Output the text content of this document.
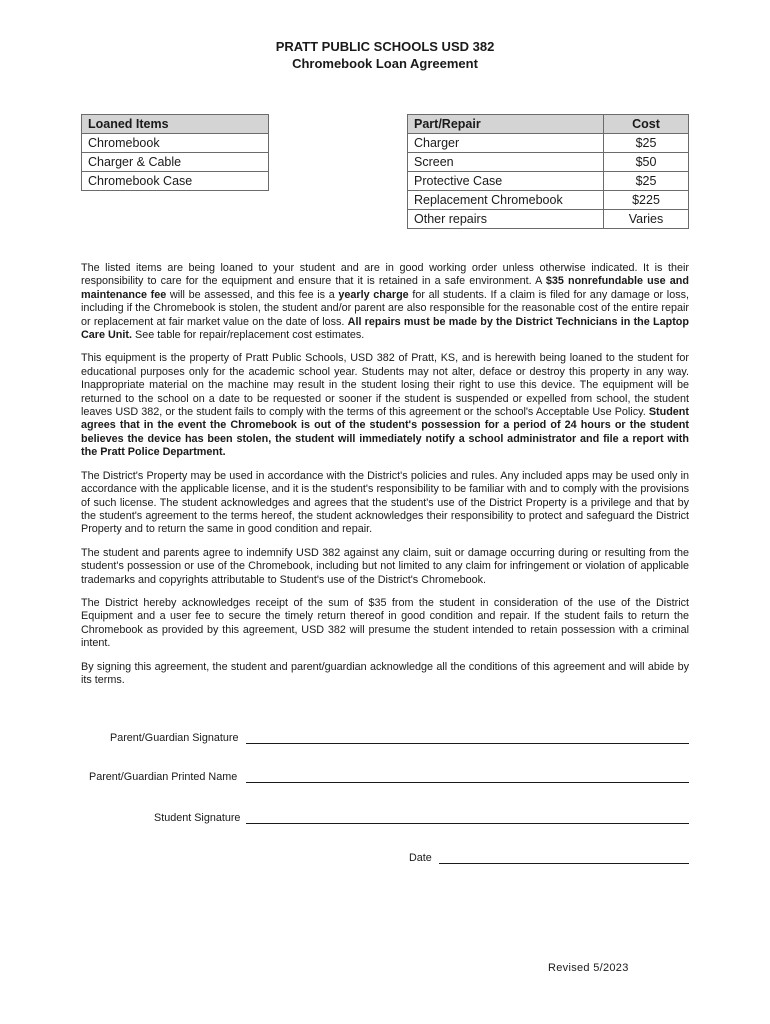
PRATT PUBLIC SCHOOLS USD 382
Chromebook Loan Agreement
Loaned Items
Chromebook
Charger & Cable
Chromebook Case
Part/Repair	Cost
Charger	$25
Screen	$50
Protective Case	$25
Replacement Chromebook	$225
Other repairs	Varies

The listed items are being loaned to your student and are in good working order unless otherwise indicated. It is their responsibility to care for the equipment and ensure that it is retained in a safe environment. A $35 nonrefundable use and maintenance fee will be assessed, and this fee is a yearly charge for all students. If a claim is filed for any damage or loss, including if the Chromebook is stolen, the student and/or parent are also responsible for the reasonable cost of the entire repair or replacement at fair market value on the date of loss. All repairs must be made by the District Technicians in the Laptop Care Unit. See table for repair/replacement cost estimates.

This equipment is the property of Pratt Public Schools, USD 382 of Pratt, KS, and is herewith being loaned to the student for educational purposes only for the academic school year. Students may not alter, deface or destroy this property in any way. Inappropriate material on the machine may result in the student losing their right to use this device. The equipment will be returned to the school on a date to be requested or sooner if the student is suspended or expelled from school, the student leaves USD 382, or the student fails to comply with the terms of this agreement or the school's Acceptable Use Policy. Student agrees that in the event the Chromebook is out of the student's possession for a period of 24 hours or the student believes the device has been stolen, the student will immediately notify a school administrator and file a report with the Pratt Police Department.

The District's Property may be used in accordance with the District's policies and rules. Any included apps may be used only in accordance with the applicable license, and it is the student's responsibility to be familiar with and to comply with the provisions of such license. The student acknowledges and agrees that the student's use of the District Property is a privilege and that by the student's agreement to the terms hereof, the student acknowledges their responsibility to protect and safeguard the District Property and to return the same in good condition and repair.

The student and parents agree to indemnify USD 382 against any claim, suit or damage occurring during or resulting from the student's possession or use of the Chromebook, including but not limited to any claim for infringement or violation of applicable trademarks and copyrights attributable to Student's use of the District's Chromebook.

The District hereby acknowledges receipt of the sum of $35 from the student in consideration of the use of the District Equipment and a user fee to secure the timely return thereof in good condition and repair. If the student fails to return the Chromebook as provided by this agreement, USD 382 will presume the student intended to retain possession with a criminal intent.

By signing this agreement, the student and parent/guardian acknowledge all the conditions of this agreement and will abide by its terms.

Parent/Guardian Signature
Parent/Guardian Printed Name
Student Signature
Date
Revised 5/2023
